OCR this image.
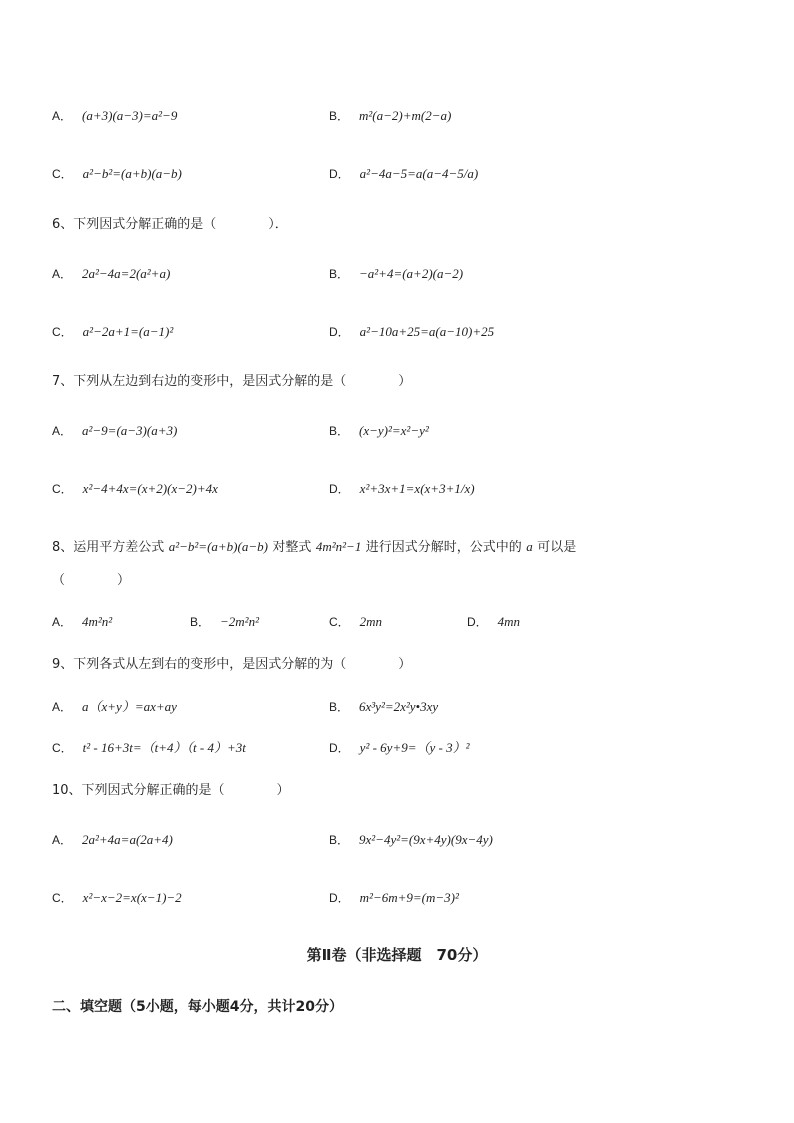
A． (a+3)(a−3)=a²−9	B． m²(a−2)+m(2−a)
C． a²−b²=(a+b)(a−b)	D． a²−4a−5=a(a−4−5/a)
6、下列因式分解正确的是（　　　　）．
A． 2a²−4a=2(a²+a)	B． −a²+4=(a+2)(a−2)
C． a²−2a+1=(a−1)²	D． a²−10a+25=a(a−10)+25
7、下列从左边到右边的变形中，是因式分解的是（　　　　）
A． a²−9=(a−3)(a+3)	B． (x−y)²=x²−y²
C． x²−4+4x=(x+2)(x−2)+4x	D． x²+3x+1=x(x+3+1/x)
8、运用平方差公式 a²−b²=(a+b)(a−b) 对整式 4m²n²−1 进行因式分解时，公式中的 a 可以是
（　　　　）
A． 4m²n²	B． −2m²n²	C． 2mn	D． 4mn
9、下列各式从左到右的变形中，是因式分解的为（　　　　）
A． a（x+y）=ax+ay	B． 6x³y²=2x²y•3xy
C． t² - 16+3t=（t+4）（t - 4）+3t	D． y² - 6y+9=（y - 3）²
10、下列因式分解正确的是（　　　　）
A． 2a²+4a=a(2a+4)	B． 9x²−4y²=(9x+4y)(9x−4y)
C． x²−x−2=x(x−1)−2	D． m²−6m+9=(m−3)²
第Ⅱ卷（非选择题　70分）
二、填空题（5小题，每小题4分，共计20分）
